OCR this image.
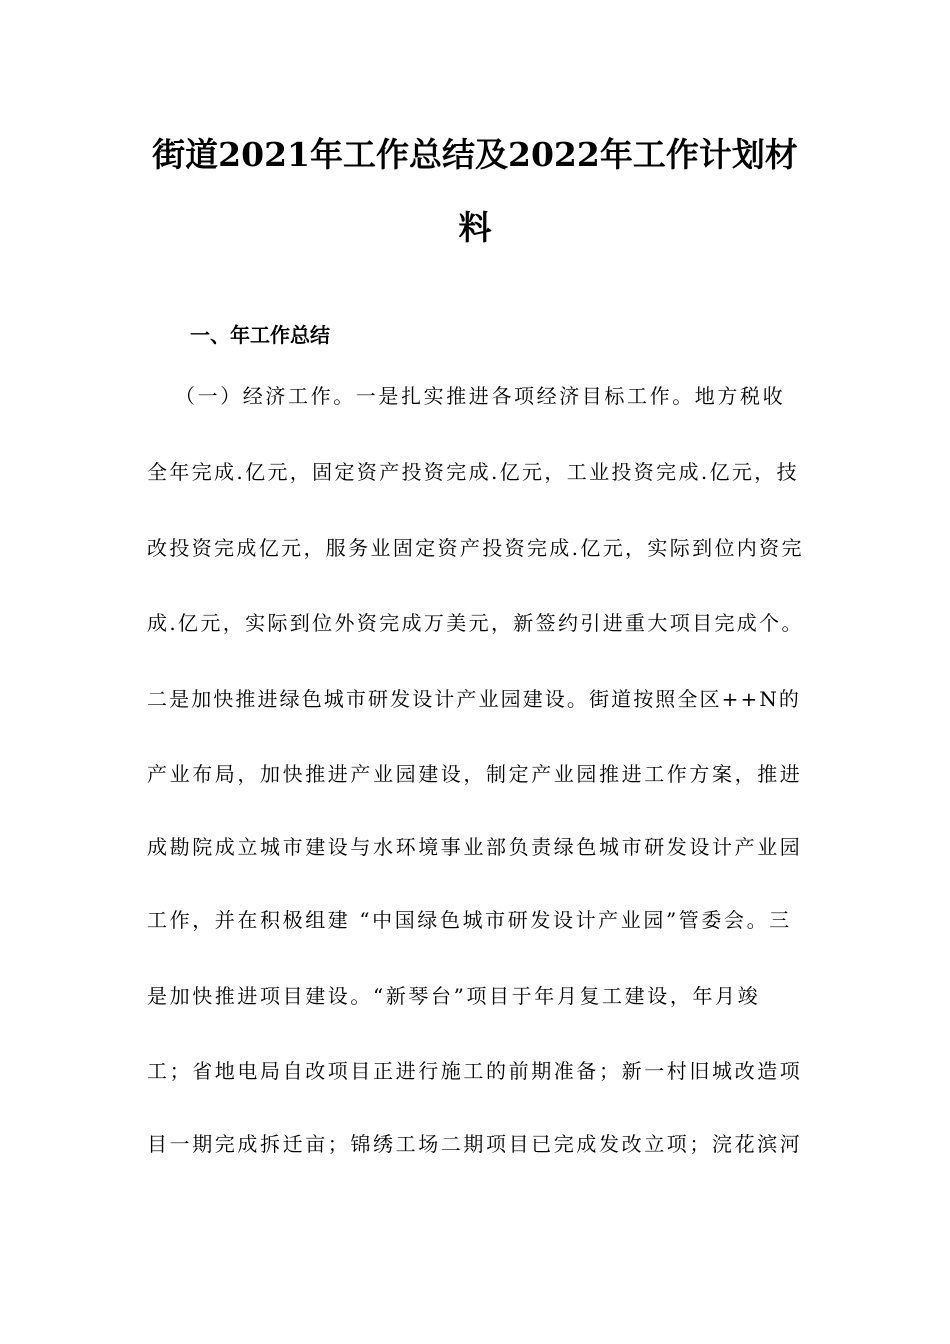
街道2021年工作总结及2022年工作计划材
料
一、年工作总结
（一）经济工作。一是扎实推进各项经济目标工作。地方税收
全年完成.亿元，固定资产投资完成.亿元，工业投资完成.亿元，技
改投资完成亿元，服务业固定资产投资完成.亿元，实际到位内资完
成.亿元，实际到位外资完成万美元，新签约引进重大项目完成个。
二是加快推进绿色城市研发设计产业园建设。街道按照全区++N的
产业布局，加快推进产业园建设，制定产业园推进工作方案，推进
成勘院成立城市建设与水环境事业部负责绿色城市研发设计产业园
工作，并在积极组建 “中国绿色城市研发设计产业园”管委会。三
是加快推进项目建设。“新琴台”项目于年月复工建设，年月竣
工；省地电局自改项目正进行施工的前期准备；新一村旧城改造项
目一期完成拆迁亩；锦绣工场二期项目已完成发改立项；浣花滨河
